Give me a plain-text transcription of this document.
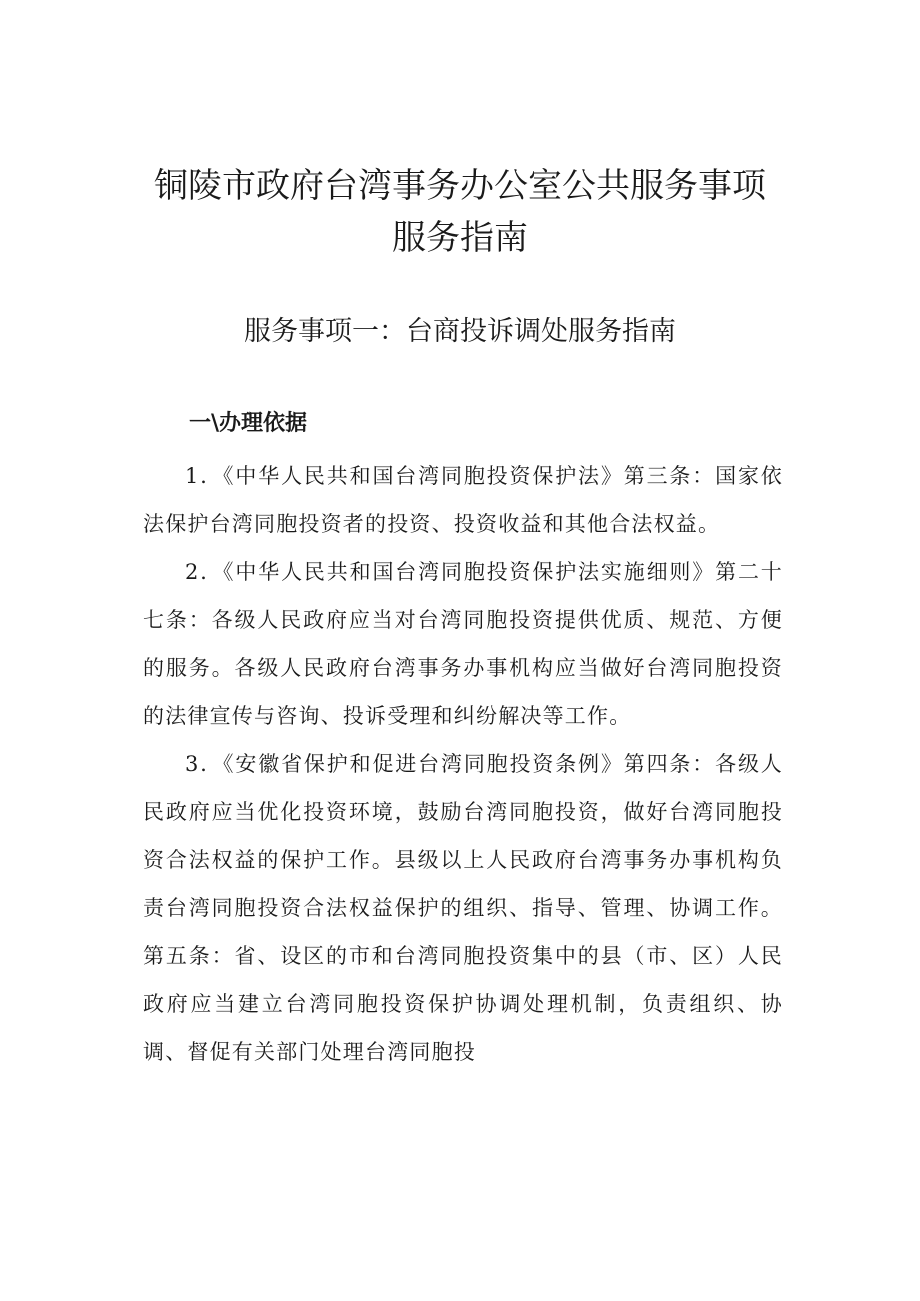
铜陵市政府台湾事务办公室公共服务事项
服务指南
服务事项一：台商投诉调处服务指南
一\办理依据

1．《中华人民共和国台湾同胞投资保护法》第三条：国家依法保护台湾同胞投资者的投资、投资收益和其他合法权益。

2．《中华人民共和国台湾同胞投资保护法实施细则》第二十七条：各级人民政府应当对台湾同胞投资提供优质、规范、方便的服务。各级人民政府台湾事务办事机构应当做好台湾同胞投资的法律宣传与咨询、投诉受理和纠纷解决等工作。

3．《安徽省保护和促进台湾同胞投资条例》第四条：各级人民政府应当优化投资环境，鼓励台湾同胞投资，做好台湾同胞投资合法权益的保护工作。县级以上人民政府台湾事务办事机构负责台湾同胞投资合法权益保护的组织、指导、管理、协调工作。第五条：省、设区的市和台湾同胞投资集中的县（市、区）人民政府应当建立台湾同胞投资保护协调处理机制，负责组织、协调、督促有关部门处理台湾同胞投
